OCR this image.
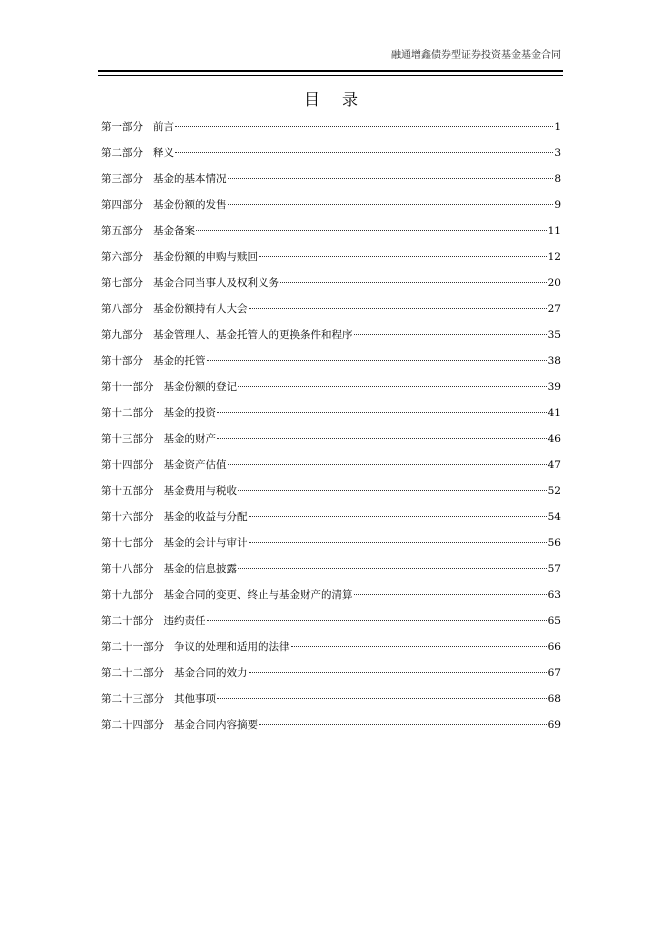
融通增鑫债券型证券投资基金基金合同
目录
第一部分 前言	1
第二部分 释义	3
第三部分 基金的基本情况	8
第四部分 基金份额的发售	9
第五部分 基金备案	11
第六部分 基金份额的申购与赎回	12
第七部分 基金合同当事人及权利义务	20
第八部分 基金份额持有人大会	27
第九部分 基金管理人、基金托管人的更换条件和程序	35
第十部分 基金的托管	38
第十一部分 基金份额的登记	39
第十二部分 基金的投资	41
第十三部分 基金的财产	46
第十四部分 基金资产估值	47
第十五部分 基金费用与税收	52
第十六部分 基金的收益与分配	54
第十七部分 基金的会计与审计	56
第十八部分 基金的信息披露	57
第十九部分 基金合同的变更、终止与基金财产的清算	63
第二十部分 违约责任	65
第二十一部分 争议的处理和适用的法律	66
第二十二部分 基金合同的效力	67
第二十三部分 其他事项	68
第二十四部分 基金合同内容摘要	69
